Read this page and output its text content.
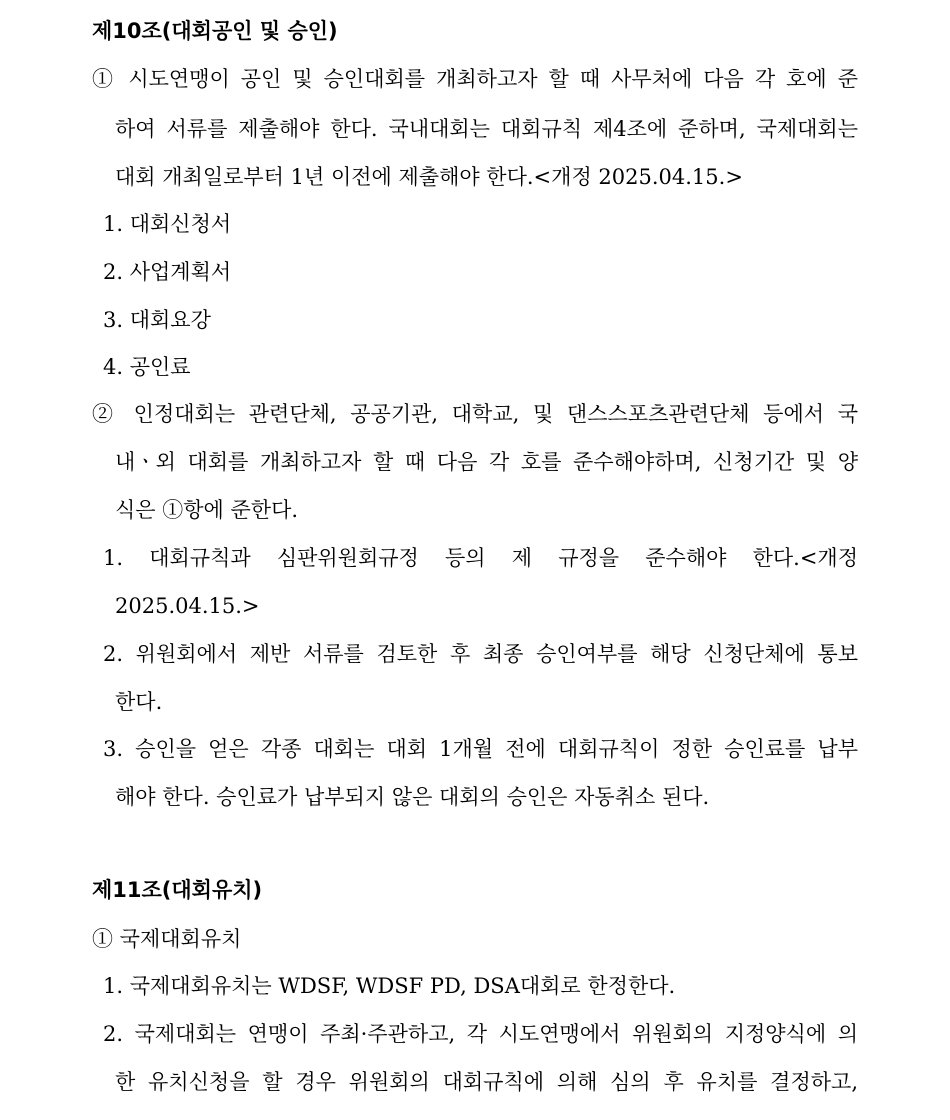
제10조(대회공인 및 승인)
① 시도연맹이 공인 및 승인대회를 개최하고자 할 때 사무처에 다음 각 호에 준
하여 서류를 제출해야 한다. 국내대회는 대회규칙 제4조에 준하며, 국제대회는
대회 개최일로부터 1년 이전에 제출해야 한다.<개정 2025.04.15.>
1. 대회신청서
2. 사업계획서
3. 대회요강
4. 공인료
② 인정대회는 관련단체, 공공기관, 대학교, 및 댄스스포츠관련단체 등에서 국
내ㆍ외 대회를 개최하고자 할 때 다음 각 호를 준수해야하며, 신청기간 및 양
식은 ①항에 준한다.
1. 대회규칙과 심판위원회규정 등의 제 규정을 준수해야 한다.<개정
2025.04.15.>
2. 위원회에서 제반 서류를 검토한 후 최종 승인여부를 해당 신청단체에 통보
한다.
3. 승인을 얻은 각종 대회는 대회 1개월 전에 대회규칙이 정한 승인료를 납부
해야 한다. 승인료가 납부되지 않은 대회의 승인은 자동취소 된다.
제11조(대회유치)
① 국제대회유치
1. 국제대회유치는 WDSF, WDSF PD, DSA대회로 한정한다.
2. 국제대회는 연맹이 주최·주관하고, 각 시도연맹에서 위원회의 지정양식에 의
한 유치신청을 할 경우 위원회의 대회규칙에 의해 심의 후 유치를 결정하고,
